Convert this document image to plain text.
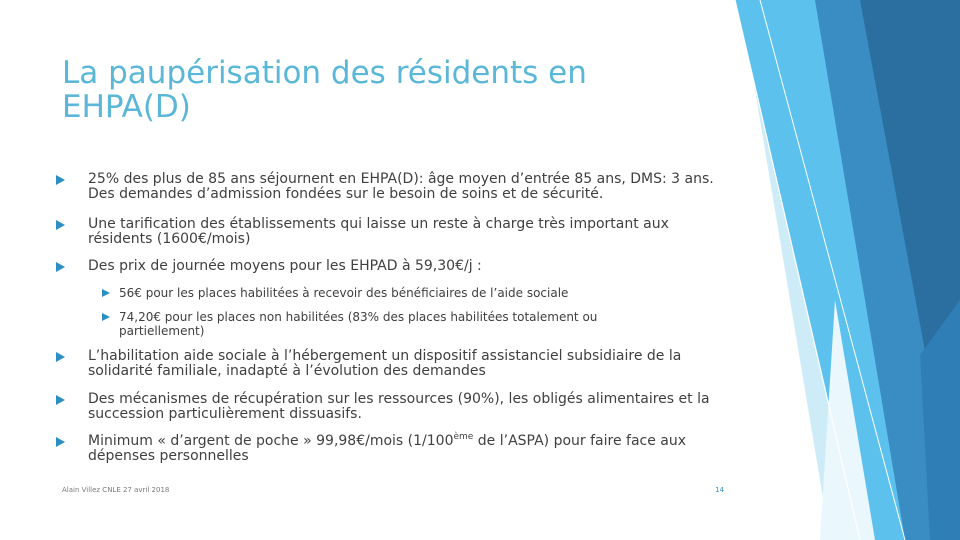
La paupérisation des résidents en
EHPA(D)
25% des plus de 85 ans séjournent en EHPA(D): âge moyen d’entrée 85 ans, DMS: 3 ans. Des demandes d’admission fondées sur le besoin de soins et de sécurité.
Une tarification des établissements qui laisse un reste à charge très important aux résidents (1600€/mois)
Des prix de journée moyens pour les EHPAD à 59,30€/j :
56€ pour les places habilitées à recevoir des bénéficiaires de l’aide sociale
74,20€ pour les places non habilitées (83% des places habilitées totalement ou partiellement)
L’habilitation aide sociale à l’hébergement un dispositif assistanciel subsidiaire de la solidarité familiale, inadapté à l’évolution des demandes
Des mécanismes de récupération sur les ressources (90%), les obligés alimentaires et la succession particulièrement dissuasifs.
Minimum « d’argent de poche » 99,98€/mois (1/100ème de l’ASPA) pour faire face aux dépenses personnelles
Alain Villez CNLE 27 avril 2018	14
